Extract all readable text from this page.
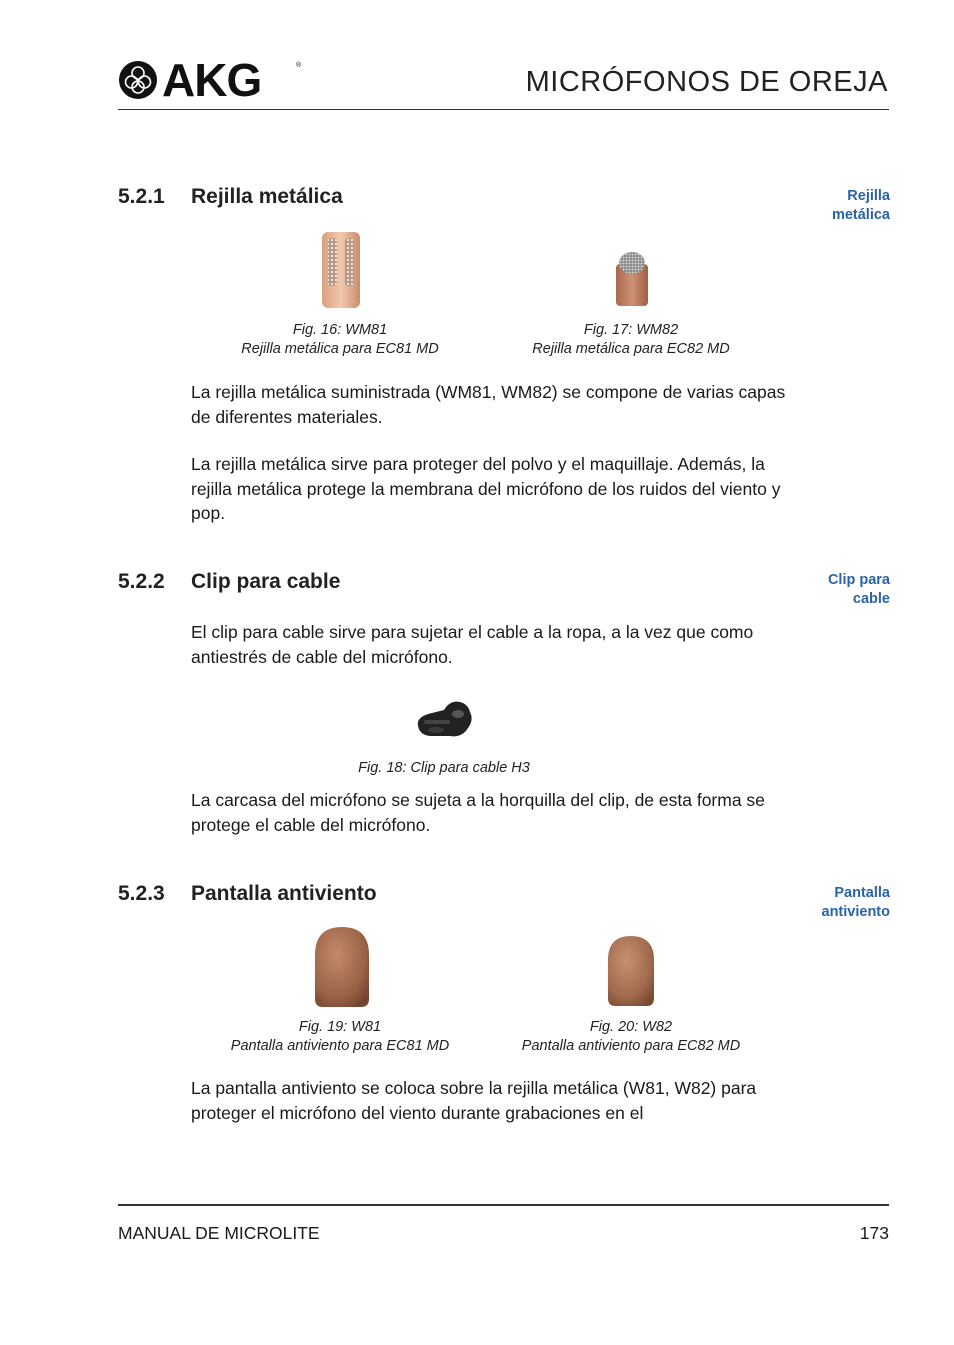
AKG	®
MICRÓFONOS DE OREJA
5.2.1 Rejilla metálica	Rejilla
metálica
Fig. 16: WM81
Rejilla metálica para EC81 MD
Fig. 17: WM82
Rejilla metálica para EC82 MD

La rejilla metálica suministrada (WM81, WM82) se compone de varias capas de diferentes materiales.

La rejilla metálica sirve para proteger del polvo y el maquillaje. Además, la rejilla metálica protege la membrana del micrófono de los ruidos del viento y pop.

5.2.2 Clip para cable	Clip para
cable

El clip para cable sirve para sujetar el cable a la ropa, a la vez que como antiestrés de cable del micrófono.

Fig. 18: Clip para cable H3

La carcasa del micrófono se sujeta a la horquilla del clip, de esta forma se protege el cable del micrófono.

5.2.3 Pantalla antiviento	Pantalla
antiviento
Fig. 19: W81
Pantalla antiviento para EC81 MD
Fig. 20: W82
Pantalla antiviento para EC82 MD

La pantalla antiviento se coloca sobre la rejilla metálica (W81, W82) para proteger el micrófono del viento durante grabaciones en el

MANUAL DE MICROLITE	173
